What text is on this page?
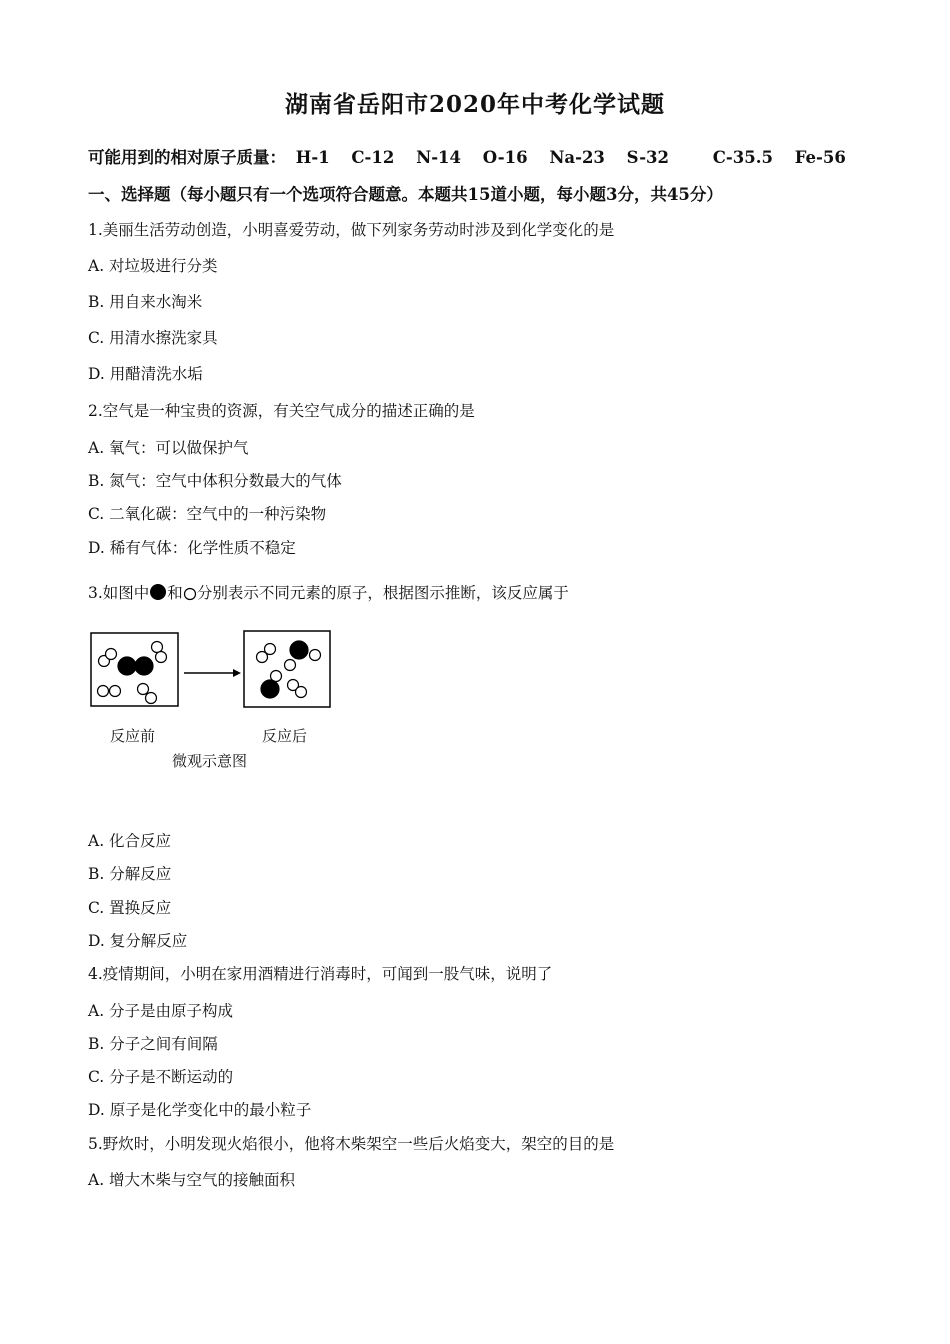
湖南省岳阳市2020年中考化学试题
可能用到的相对原子质量： H-1 C-12 N-14 O-16 Na-23 S-32	C-35.5 Fe-56
一、选择题（每小题只有一个选项符合题意。本题共15道小题，每小题3分，共45分）
1.美丽生活劳动创造，小明喜爱劳动，做下列家务劳动时涉及到化学变化的是
A. 对垃圾进行分类
B. 用自来水淘米
C. 用清水擦洗家具
D. 用醋清洗水垢
2.空气是一种宝贵的资源，有关空气成分的描述正确的是
A. 氧气：可以做保护气
B. 氮气：空气中体积分数最大的气体
C. 二氧化碳：空气中的一种污染物
D. 稀有气体：化学性质不稳定
3.如图中 和 分别表示不同元素的原子，根据图示推断，该反应属于
反应前	反应后
微观示意图
A. 化合反应
B. 分解反应
C. 置换反应
D. 复分解反应
4.疫情期间，小明在家用酒精进行消毒时，可闻到一股气味，说明了
A. 分子是由原子构成
B. 分子之间有间隔
C. 分子是不断运动的
D. 原子是化学变化中的最小粒子
5.野炊时，小明发现火焰很小，他将木柴架空一些后火焰变大，架空的目的是
A. 增大木柴与空气的接触面积
